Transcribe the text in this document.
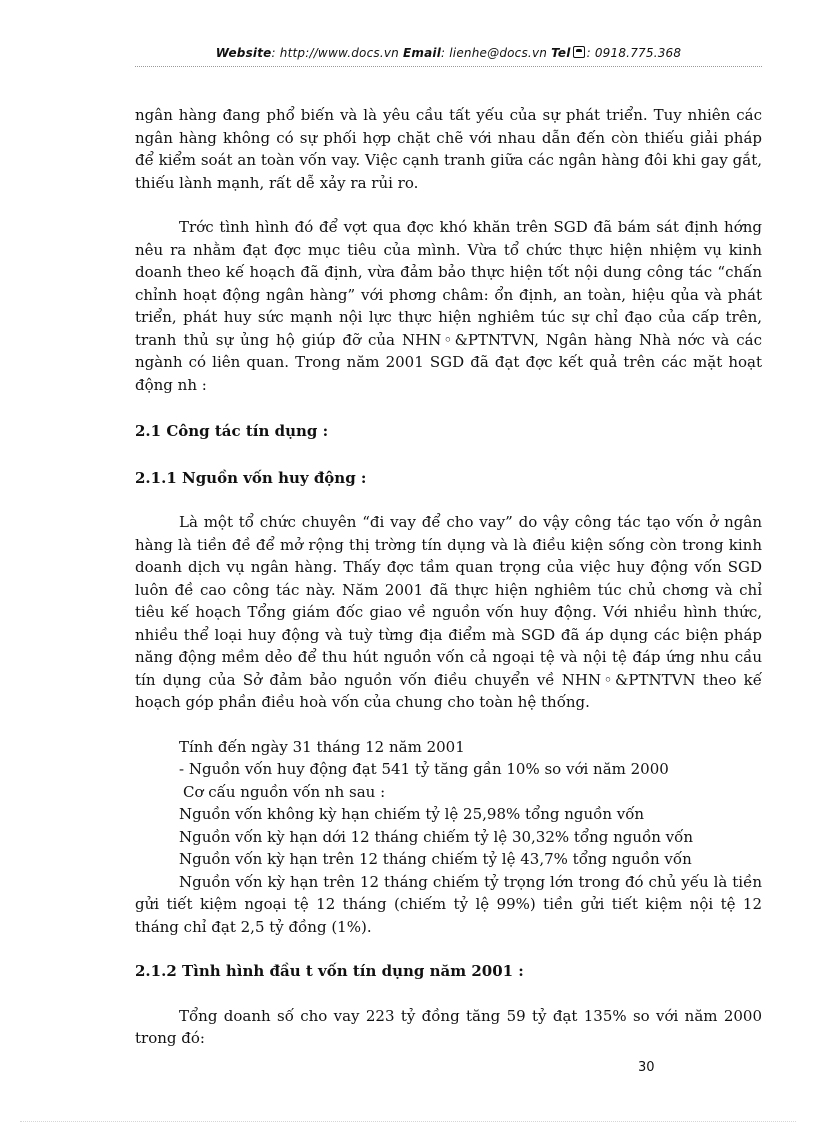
Website: http://www.docs.vn Email: lienhe@docs.vn Tel : 0918.775.368

ngân hàng đang phổ biến và là yêu cầu tất yếu của sự phát triển. Tuy nhiên các ngân hàng không có sự phối hợp chặt chẽ với nhau dẫn đến còn thiếu giải pháp để kiểm soát an toàn vốn vay. Việc cạnh tranh giữa các ngân hàng đôi khi gay gắt, thiếu lành mạnh, rất dễ xảy ra rủi ro.

Trớc tình hình đó để vợt qua đợc khó khăn trên SGD đã bám sát định hớng nêu ra nhằm đạt đợc mục tiêu của mình. Vừa tổ chức thực hiện nhiệm vụ kinh doanh theo kế hoạch đã định, vừa đảm bảo thực hiện tốt nội dung công tác “chấn chỉnh hoạt động ngân hàng” với phơng châm: ổn định, an toàn, hiệu qủa và phát triển, phát huy sức mạnh nội lực thực hiện nghiêm túc sự chỉ đạo của cấp trên, tranh thủ sự ủng hộ giúp đỡ của NHN◦&PTNTVN, Ngân hàng Nhà nớc và các ngành có liên quan. Trong năm 2001 SGD đã đạt đợc kết quả trên các mặt hoạt động nh :

2.1 Công tác tín dụng :

2.1.1 Nguồn vốn huy động :

Là một tổ chức chuyên “đi vay để cho vay” do vậy công tác tạo vốn ở ngân hàng là tiền đề để mở rộng thị trờng tín dụng và là điều kiện sống còn trong kinh doanh dịch vụ ngân hàng. Thấy đợc tầm quan trọng của việc huy động vốn SGD luôn đề cao công tác này. Năm 2001 đã thực hiện nghiêm túc chủ chơng và chỉ tiêu kế hoạch Tổng giám đốc giao về nguồn vốn huy động. Với nhiều hình thức, nhiều thể loại huy động và tuỳ từng địa điểm mà SGD đã áp dụng các biện pháp năng động mềm dẻo để thu hút nguồn vốn cả ngoại tệ và nội tệ đáp ứng nhu cầu tín dụng của Sở đảm bảo nguồn vốn điều chuyển về NHN◦&PTNTVN theo kế hoạch góp phần điều hoà vốn của chung cho toàn hệ thống.

Tính đến ngày 31 tháng 12 năm 2001

- Nguồn vốn huy động đạt 541 tỷ tăng gần 10% so với năm 2000

Cơ cấu nguồn vốn nh sau :

Nguồn vốn không kỳ hạn chiếm tỷ lệ 25,98% tổng nguồn vốn

Nguồn vốn kỳ hạn dới 12 tháng chiếm tỷ lệ 30,32% tổng nguồn vốn

Nguồn vốn kỳ hạn trên 12 tháng chiếm tỷ lệ 43,7% tổng nguồn vốn

Nguồn vốn kỳ hạn trên 12 tháng chiếm tỷ trọng lớn trong đó chủ yếu là tiền gửi tiết kiệm ngoại tệ 12 tháng (chiếm tỷ lệ 99%) tiền gửi tiết kiệm nội tệ 12 tháng chỉ đạt 2,5 tỷ đồng (1%).

2.1.2 Tình hình đầu t vốn tín dụng năm 2001 :

Tổng doanh số cho vay 223 tỷ đồng tăng 59 tỷ đạt 135% so với năm 2000 trong đó:

30
